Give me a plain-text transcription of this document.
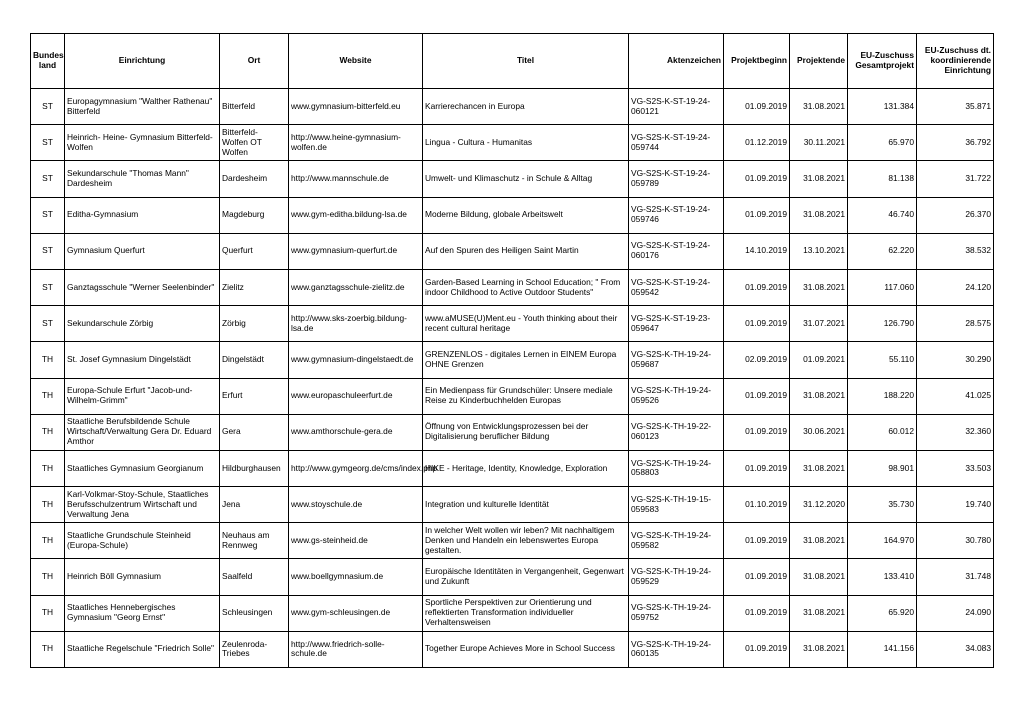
Bundes land	Einrichtung	Ort	Website	Titel	Aktenzeichen	Projektbeginn	Projektende	EU-Zuschuss Gesamtprojekt	EU-Zuschuss dt. koordinierende Einrichtung
ST	Europagymnasium "Walther Rathenau" Bitterfeld	Bitterfeld	www.gymnasium-bitterfeld.eu	Karrierechancen in Europa	VG-S2S-K-ST-19-24-060121	01.09.2019	31.08.2021	131.384	35.871
ST	Heinrich- Heine- Gymnasium Bitterfeld- Wolfen	Bitterfeld- Wolfen OT Wolfen	http://www.heine-gymnasium-wolfen.de	Lingua - Cultura - Humanitas	VG-S2S-K-ST-19-24-059744	01.12.2019	30.11.2021	65.970	36.792
ST	Sekundarschule "Thomas Mann" Dardesheim	Dardesheim	http://www.mannschule.de	Umwelt- und Klimaschutz - in Schule & Alltag	VG-S2S-K-ST-19-24-059789	01.09.2019	31.08.2021	81.138	31.722
ST	Editha-Gymnasium	Magdeburg	www.gym-editha.bildung-lsa.de	Moderne Bildung, globale Arbeitswelt	VG-S2S-K-ST-19-24-059746	01.09.2019	31.08.2021	46.740	26.370
ST	Gymnasium Querfurt	Querfurt	www.gymnasium-querfurt.de	Auf den Spuren des Heiligen Saint Martin	VG-S2S-K-ST-19-24-060176	14.10.2019	13.10.2021	62.220	38.532
ST	Ganztagsschule "Werner Seelenbinder"	Zielitz	www.ganztagsschule-zielitz.de	Garden-Based Learning in School Education; " From indoor Childhood to Active Outdoor Students"	VG-S2S-K-ST-19-24-059542	01.09.2019	31.08.2021	117.060	24.120
ST	Sekundarschule Zörbig	Zörbig	http://www.sks-zoerbig.bildung-lsa.de	www.aMUSE(U)Ment.eu - Youth thinking about their recent cultural heritage	VG-S2S-K-ST-19-23-059647	01.09.2019	31.07.2021	126.790	28.575
TH	St. Josef Gymnasium Dingelstädt	Dingelstädt	www.gymnasium-dingelstaedt.de	GRENZENLOS - digitales Lernen in EINEM Europa OHNE Grenzen	VG-S2S-K-TH-19-24-059687	02.09.2019	01.09.2021	55.110	30.290
TH	Europa-Schule Erfurt "Jacob-und-Wilhelm-Grimm"	Erfurt	www.europaschuleerfurt.de	Ein Medienpass für Grundschüler: Unsere mediale Reise zu Kinderbuchhelden Europas	VG-S2S-K-TH-19-24-059526	01.09.2019	31.08.2021	188.220	41.025
TH	Staatliche Berufsbildende Schule Wirtschaft/Verwaltung Gera Dr. Eduard Amthor	Gera	www.amthorschule-gera.de	Öffnung von Entwicklungsprozessen bei der Digitalisierung beruflicher Bildung	VG-S2S-K-TH-19-22-060123	01.09.2019	30.06.2021	60.012	32.360
TH	Staatliches Gymnasium Georgianum	Hildburghausen	http://www.gymgeorg.de/cms/index.php	HIKE - Heritage, Identity, Knowledge, Exploration	VG-S2S-K-TH-19-24-058803	01.09.2019	31.08.2021	98.901	33.503
TH	Karl-Volkmar-Stoy-Schule, Staatliches Berufsschulzentrum Wirtschaft und Verwaltung Jena	Jena	www.stoyschule.de	Integration und kulturelle Identität	VG-S2S-K-TH-19-15-059583	01.10.2019	31.12.2020	35.730	19.740
TH	Staatliche Grundschule Steinheid (Europa-Schule)	Neuhaus am Rennweg	www.gs-steinheid.de	In welcher Welt wollen wir leben? Mit nachhaltigem Denken und Handeln ein lebenswertes Europa gestalten.	VG-S2S-K-TH-19-24-059582	01.09.2019	31.08.2021	164.970	30.780
TH	Heinrich Böll Gymnasium	Saalfeld	www.boellgymnasium.de	Europäische Identitäten in Vergangenheit, Gegenwart und Zukunft	VG-S2S-K-TH-19-24-059529	01.09.2019	31.08.2021	133.410	31.748
TH	Staatliches Hennebergisches Gymnasium "Georg Ernst"	Schleusingen	www.gym-schleusingen.de	Sportliche Perspektiven zur Orientierung und reflektierten Transformation individueller Verhaltensweisen	VG-S2S-K-TH-19-24-059752	01.09.2019	31.08.2021	65.920	24.090
TH	Staatliche Regelschule "Friedrich Solle"	Zeulenroda-Triebes	http://www.friedrich-solle-schule.de	Together Europe Achieves More in School Success	VG-S2S-K-TH-19-24-060135	01.09.2019	31.08.2021	141.156	34.083
